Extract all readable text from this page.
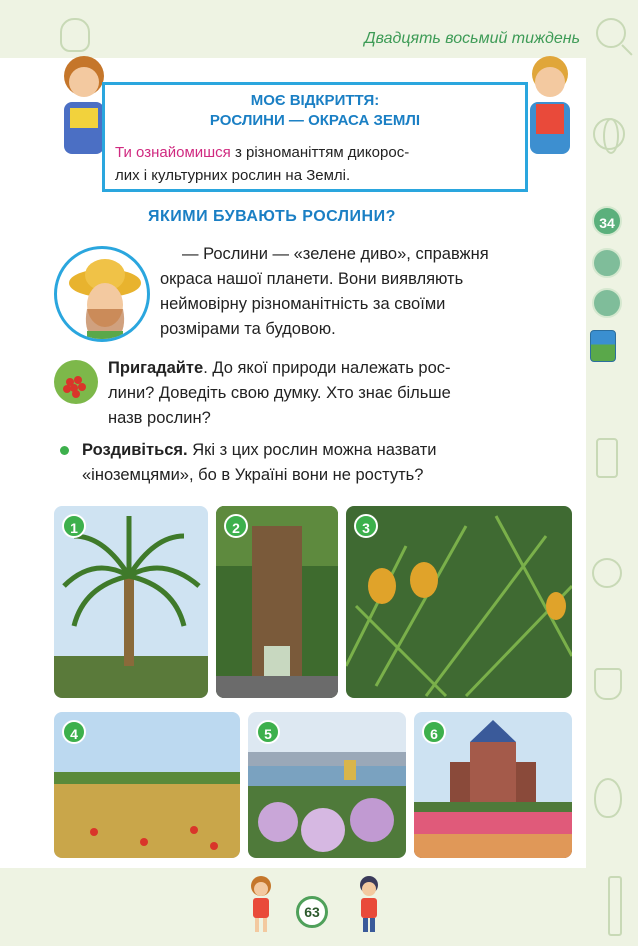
Двадцять восьмий тиждень
34
МОЄ ВІДКРИТТЯ:
РОСЛИНИ — ОКРАСА ЗЕМЛІ
Ти ознайомишся з різноманіттям дикорос-
лих і культурних рослин на Землі.
ЯКИМИ БУВАЮТЬ РОСЛИНИ?
— Рослини — «зелене диво», справжня
окраса нашої планети. Вони виявляють
неймовірну різноманітність за своїми
розмірами та будовою.
Пригадайте. До якої природи належать рос-
лини? Доведіть свою думку. Хто знає більше
назв рослин?
Роздивіться. Які з цих рослин можна назвати
«іноземцями», бо в Україні вони не ростуть?
1	2	3
4	5	6
63
